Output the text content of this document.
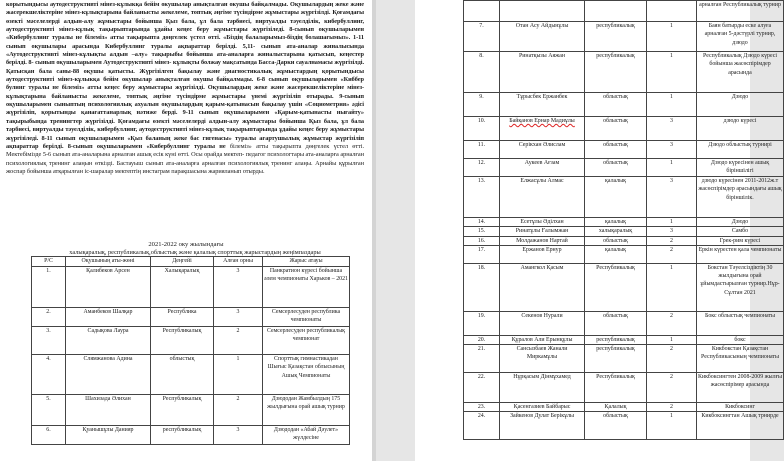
корытындысы аутодеструктивті мінез-кұлыкқа бейім окушылар анықталған окушы байқалмады. Оқушылардың жеке және жасерекшеліктеріне мінез-кұлықтарына байланысты жекелеме, топтық әңгіме түсіндірме жұмыстары жүргізілді. Қоғамдағы өзекті мәселелерді алдын-алу жұмыстары бойынша Қыз бала, ұл бала тәрбиесі, виртуалды тәуелділік, кибербуллинг, аутодеструктивті мінез-кұлық тақырыптарында ұдайы кеңес беру жұмыстары жүргізіледі. 8-сынып оқушыларымен «Кибербуллинг туралы не білеміз» атты тақырыпта дөңгелек үстел өтті. «Біздің балаларымыз-біздің болашағымыз». 1-11 сынып оқушылары арасында Кибербуллинг туралы ақпараттар берілді. 5,11- сынып ата-аналар жиналысында «Аутодеструктивті мінез-кұлықты алдын –алу» тақырыбы бойынша ата-аналарға жиналыстарына қатысып, кеңестер берілді. 8- сынып оқушыларымен Аутодеструктивті мінез- кұлықты болжау мақсатында Басса-Дарки сауалнамасы жүргізілді. Қатысқан бала саны-88 оқушы қатысты. Жүргізілген бақылау және диагностикалық жұмыстардың қорытындысы аутодеструктивті мінез-кұлыкқа бейім окушылар анықталған окушы байқалмады. 6-8 сынып оқушыларымен «Киббер булинг туралы не білеміз» атты кеңес беру жұмыстары жүргізілді. Оқушылардың жеке және жасерекшеліктеріне мінез-кұлықтарына байланысты жекелеме, топтық әңгіме түсіндірме жұмыстары үнемі жүргізіліп отырады. 9-сынып оқушыларымен сыныптың психологиялық ахуалын оқушылардың қарым-қатынасын бақылау үшін «Социометрия» әдісі жүргізіліп, қорытынды қанағаттанарлық нәтиже берді. 9-11 сынып оқушыларымен «Қарым-қатынасты нығайту» тақырыбында тренингтер жүргізілді. Қоғамдағы өзекті мәселелерді алдын-алу жұмыстары бойынша Қыз бала, ұл бала тәрбиесі, виртуалды тәуелділік, кибербуллинг, аутодеструктивті мінез-кұлық тақырыптарында ұдайы кеңес беру жұмыстары жүргізіледі. 8-11 сынып оқушыларымен «Қыз баланың жеке бас гигенасы» туралы ағартушылық жұмыстар жүргізіліп ақпараттар берілді. 8-сынып оқушыларымен «Кибербуллинг туралы не білеміз» атты тақырыпта дөңгелек үстел өтті. Мектебімізде 5-6 сынып ата-аналарына арналған ашық есік күні өтті. Осы орайда мектеп- педагог психологтары ата-аналарға арналған психологиялық тренинг алаңын өткізді. Бастауыш сынып ата-аналарға арналған психологиялық тренинг алаңы. Арнайы құрылған жоспар бойынша атқарылған іс-шаралар мектептің инстаграм парақшасына жарияланып отырды.
2021-2022 оку жылындағы
халықаралық, республикалық,облыстық және қалалық спорттық жарыстардың жеңімпаздары
Р/С	Оқушының аты-жөні	Деңгейі	Алған орны	Жарыс атауы
1.	Қалибеков Арсен	Халықаралық	3	Панкратион күресі бойынша әлем чемпионаты Харьков – 2021
2.	Аманбеков Шалқар	Республика	3	Семсерлесуден республика чемпионаты
3.	Садықова Лаура	Республикалық	2	Семсерлесуден республикалық чемпионат
4.	Слямжанова Адина	облыстық	1	Спорттық гимнастикадан Шығыс Қазақстан облысының Ашық Чемпионаты
5.	Шахизада Әлихан	Республикалық	2	Дзюдодан Жамбылдың 175 жылдығына орай ашық турнир
6.	Қуанышұлы Данияр	республикалық	3	Дзюдодан «Абай Дәулет» жүлдесіне
				арналған Республикалық турнир
7.	Отан Асу Айдынұлы	республикалық	1	Баян батырды еске алуға арналған 5-дәстүрлі турнир, дзюдо
8.	Ринатқызы Аяжан	республикалық	1	Республикалық Дзюдо күресі бойынша жасөспірімдер арасында
9.	Тұрысбек Ержанбек	облыстық	1	Дзюдо
10.	Байқанов Ернар Мадиұлы	облыстық	3	дзюдо күресі
11.	Серікхан Әлислам	облыстық	3	Дзюдо облыстық турнирі
12.	Аукеев Ағзам	облыстық	1	Дзюдо күресінен ашық біріншілігі
13.	Елжасұлы Алмас	қалалық	3	дзюдо күресінен 2011-2012ж.т жасөспірімдер арасындағы ашық біріншілік.
14.	Есетұлы Әділхан	қалалық	1	Дзюдо
15.	Ринатұлы Ғалымжан	халықаралық	3	Самбо
16.	Молдажанов Нартай	облыстық	2	Грек-рим күресі
17.	Ержанов Ернур	қалалық	2	Еркін күрестен қала чемпионаты
18.	Амангкол Қасым	Республикалық	1	Бокстан Тәуелсіздіктің 30 жылдығына орай ұйымдастырылған турнир.Нұр-Сұлтан 2021
19.	Секенов Нурали	облыстық	2	Бокс облыстық чемпионаты
20.	Құралов Али Ерынқұлы	республикалық	1	бокс
21.	Сансызбаев Жанали Миркамұлы	республикалық	2	Кикбокстан Қазақстан Республикасының чемпионаты
22.	Нұрқасым Дінмұхамед	Республикалық	2	Кикбоксингтен 2008-2009 жылғы жасөспірімер арасында
23.	Қасенгазиев Байбарыс	Қалалық	2	Кикбоксинг
24.	Зайкенов Дулат Берікұлы	облыстық	1	Кикбоксингтан Ашық трнирде
